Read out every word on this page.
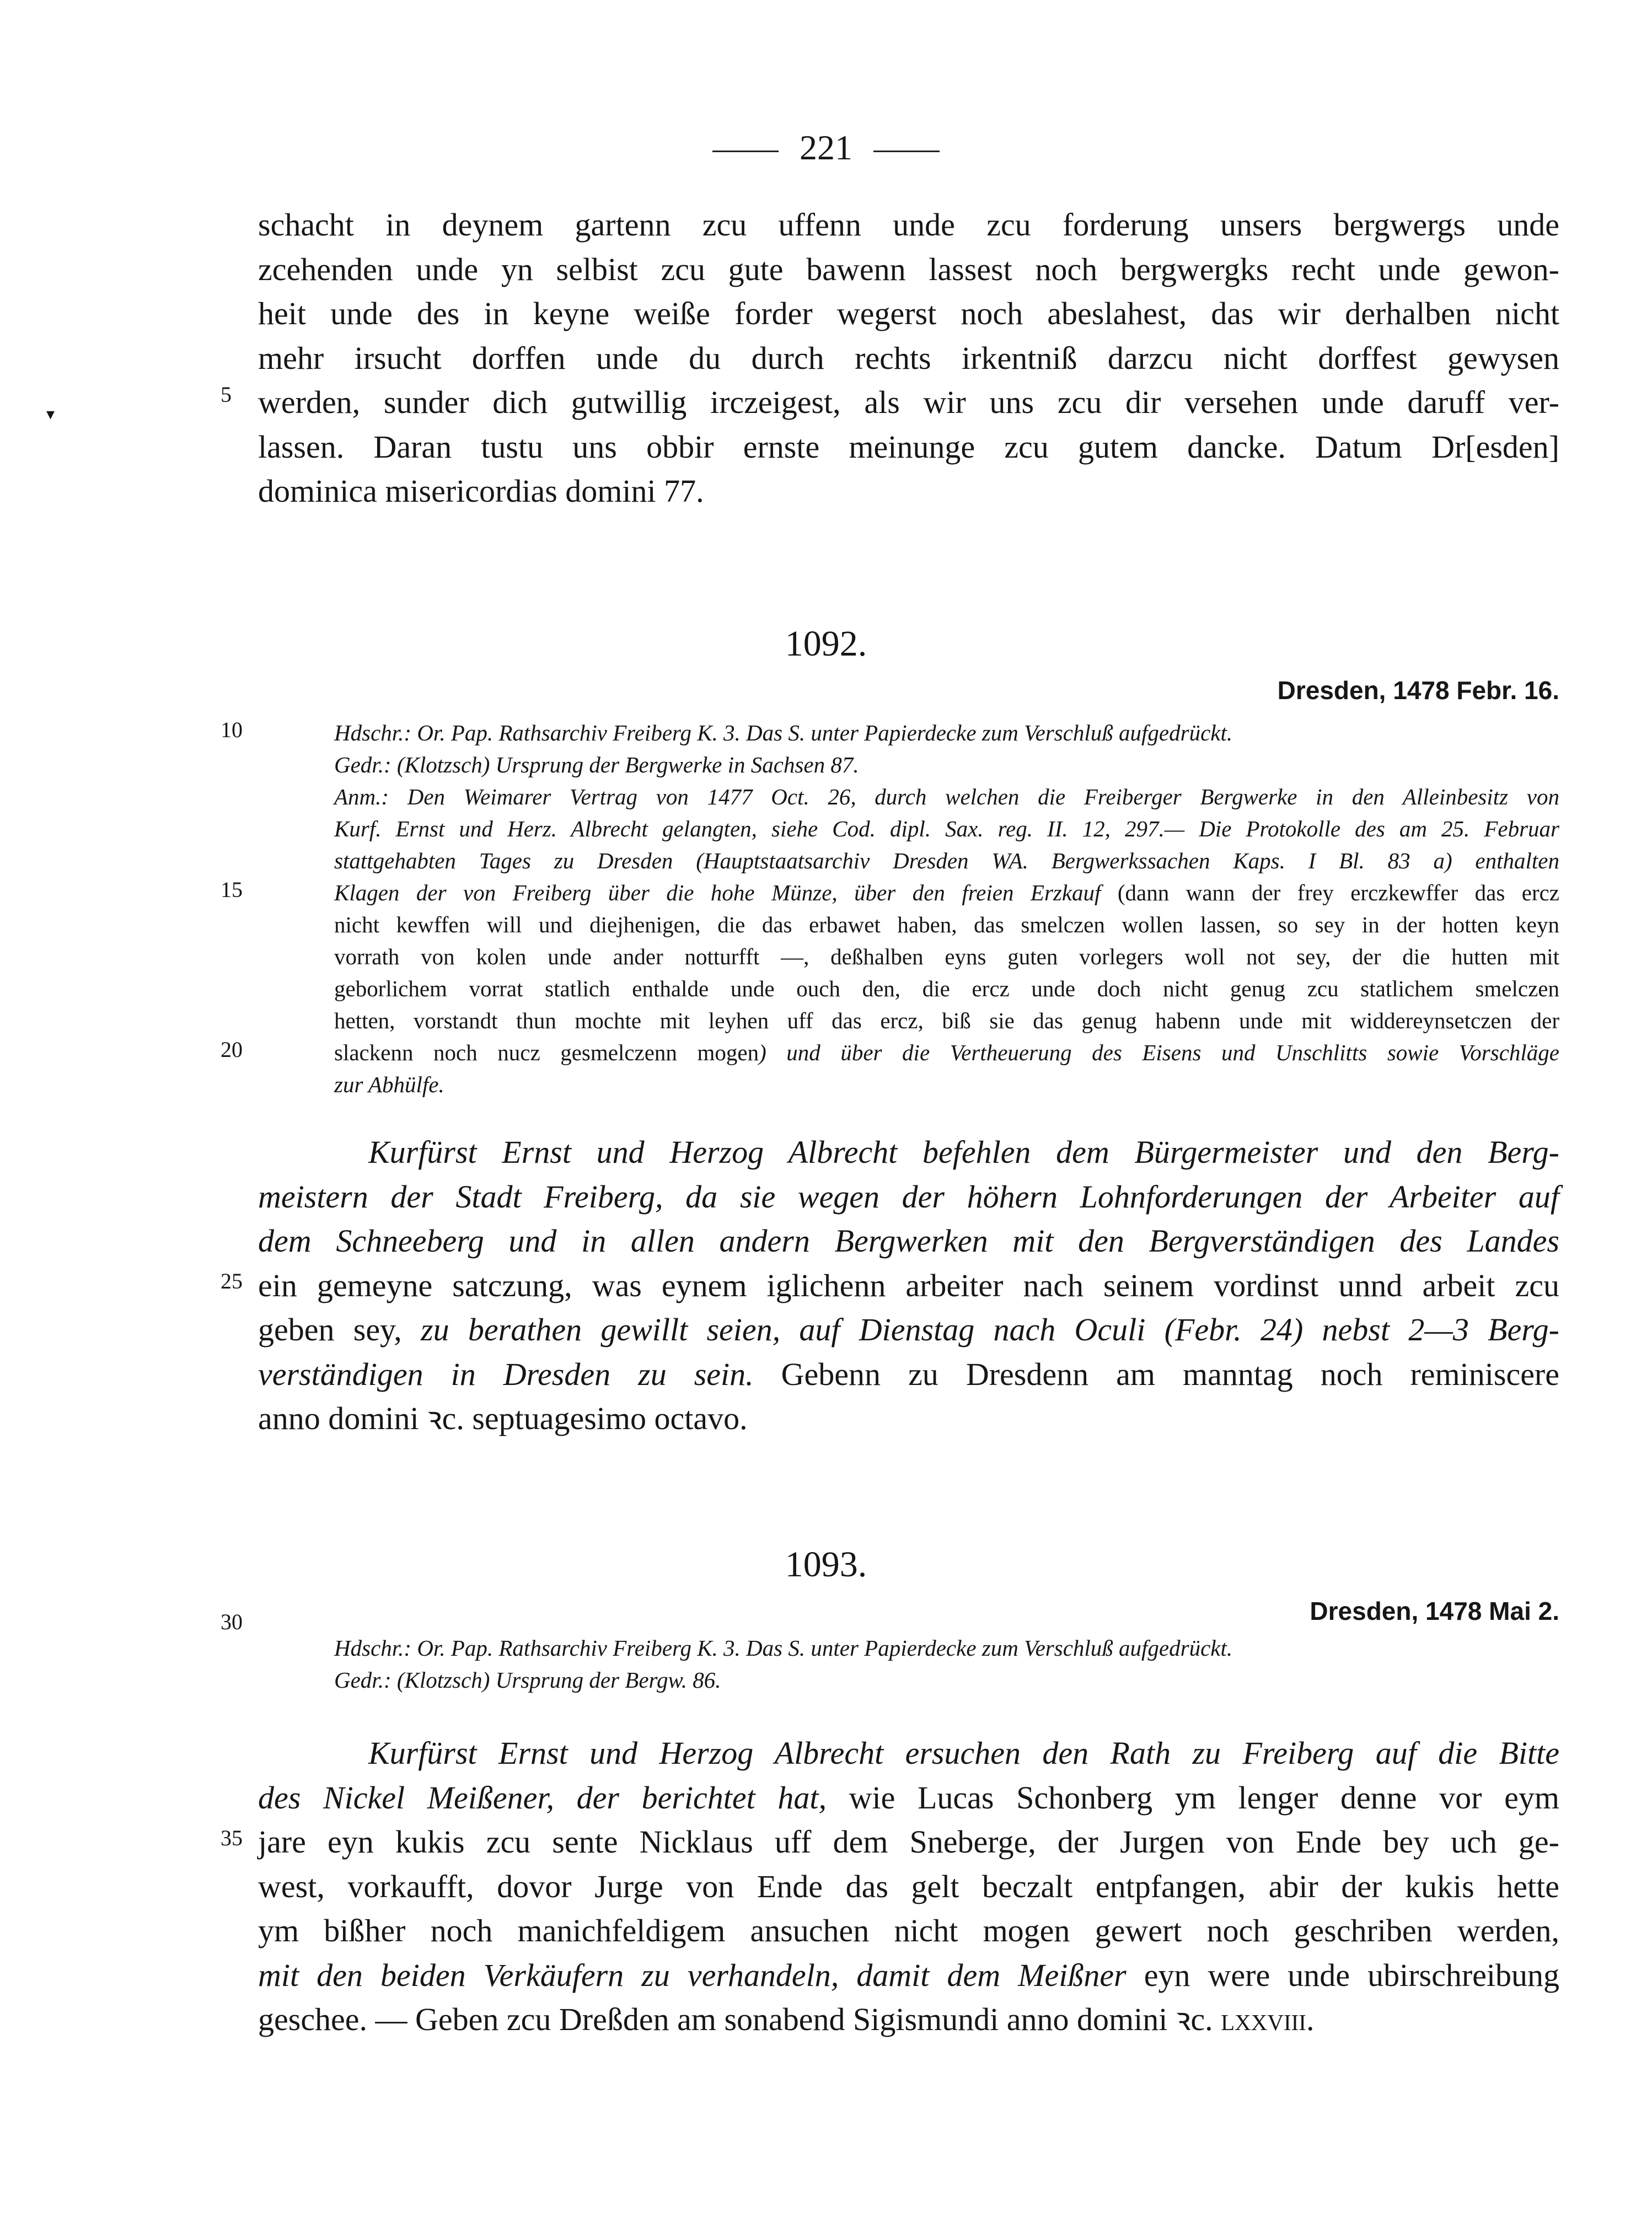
221
▾
schacht in deynem gartenn zcu uffenn unde zcu forderung unsers bergwergs unde
zcehenden unde yn selbist zcu gute bawenn lassest noch bergwergks recht unde gewon-
heit unde des in keyne weiße forder wegerst noch abeslahest, das wir derhalben nicht
mehr irsucht dorffen unde du durch rechts irkentniß darzcu nicht dorffest gewysen
werden, sunder dich gutwillig irczeigest, als wir uns zcu dir versehen unde daruff ver-
lassen. Daran tustu uns obbir ernste meinunge zcu gutem dancke. Datum Dr[esden]
dominica misericordias domini 77.
1092.
Dresden, 1478 Febr. 16.
Hdschr.: Or. Pap. Rathsarchiv Freiberg K. 3. Das S. unter Papierdecke zum Verschluß aufgedrückt.
Gedr.: (Klotzsch) Ursprung der Bergwerke in Sachsen 87.
Anm.: Den Weimarer Vertrag von 1477 Oct. 26, durch welchen die Freiberger Bergwerke in den Alleinbesitz von
Kurf. Ernst und Herz. Albrecht gelangten, siehe Cod. dipl. Sax. reg. II. 12, 297.— Die Protokolle des am 25. Februar
stattgehabten Tages zu Dresden (Hauptstaatsarchiv Dresden WA. Bergwerkssachen Kaps. I Bl. 83 a) enthalten
Klagen der von Freiberg über die hohe Münze, über den freien Erzkauf (dann wann der frey erczkewffer das ercz
nicht kewffen will und diejhenigen, die das erbawet haben, das smelczen wollen lassen, so sey in der hotten keyn
vorrath von kolen unde ander notturfft —, deßhalben eyns guten vorlegers woll not sey, der die hutten mit
geborlichem vorrat statlich enthalde unde ouch den, die ercz unde doch nicht genug zcu statlichem smelczen
hetten, vorstandt thun mochte mit leyhen uff das ercz, biß sie das genug habenn unde mit widdereynsetczen der
slackenn noch nucz gesmelczenn mogen) und über die Vertheuerung des Eisens und Unschlitts sowie Vorschläge
zur Abhülfe.
Kurfürst Ernst und Herzog Albrecht befehlen dem Bürgermeister und den Berg-
meistern der Stadt Freiberg, da sie wegen der höhern Lohnforderungen der Arbeiter auf
dem Schneeberg und in allen andern Bergwerken mit den Bergverständigen des Landes
ein gemeyne satczung, was eynem iglichenn arbeiter nach seinem vordinst unnd arbeit zcu
geben sey, zu berathen gewillt seien, auf Dienstag nach Oculi (Febr. 24) nebst 2—3 Berg-
verständigen in Dresden zu sein. Gebenn zu Dresdenn am manntag noch reminiscere
anno domini ꝛc. septuagesimo octavo.
1093.
Dresden, 1478 Mai 2.
Hdschr.: Or. Pap. Rathsarchiv Freiberg K. 3. Das S. unter Papierdecke zum Verschluß aufgedrückt.
Gedr.: (Klotzsch) Ursprung der Bergw. 86.
Kurfürst Ernst und Herzog Albrecht ersuchen den Rath zu Freiberg auf die Bitte
des Nickel Meißener, der berichtet hat, wie Lucas Schonberg ym lenger denne vor eym
jare eyn kukis zcu sente Nicklaus uff dem Sneberge, der Jurgen von Ende bey uch ge-
west, vorkaufft, dovor Jurge von Ende das gelt beczalt entpfangen, abir der kukis hette
ym bißher noch manichfeldigem ansuchen nicht mogen gewert noch geschriben werden,
mit den beiden Verkäufern zu verhandeln, damit dem Meißner eyn were unde ubirschreibung
geschee. — Geben zcu Dreßden am sonabend Sigismundi anno domini ꝛc. lxxviii.
5
10
15
20
25
30
35
